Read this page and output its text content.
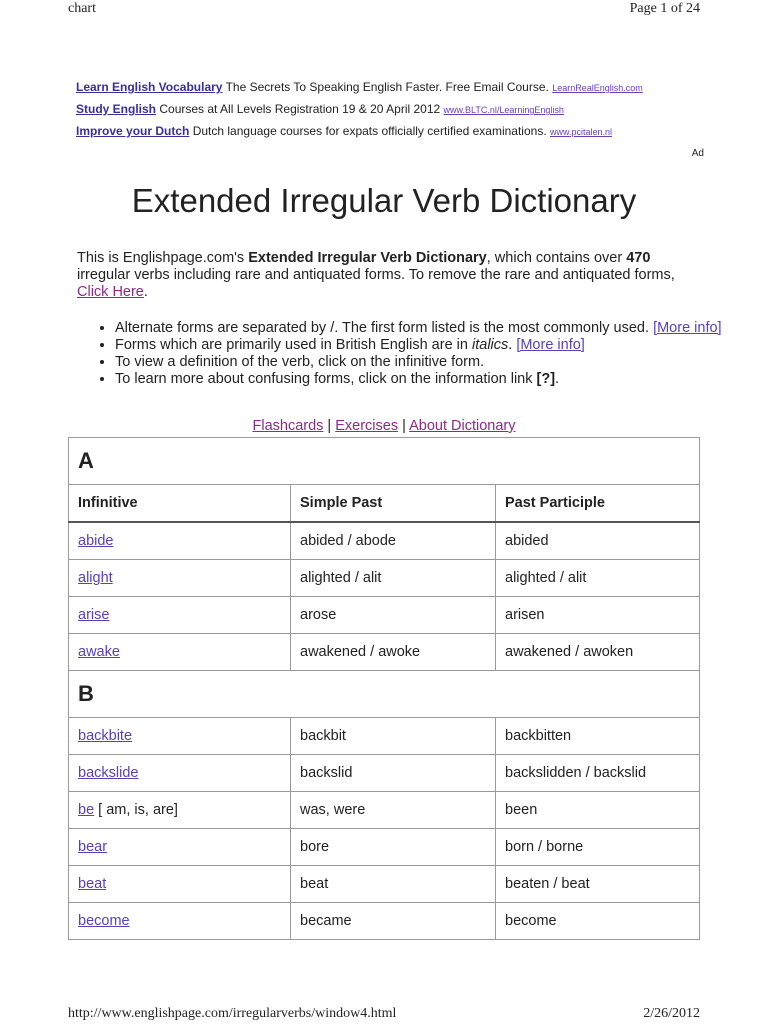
chart	Page 1 of 24
Learn English Vocabulary The Secrets To Speaking English Faster. Free Email Course. LearnRealEnglish.com
Study English Courses at All Levels Registration 19 & 20 April 2012 www.BLTC.nl/LearningEnglish
Improve your Dutch Dutch language courses for expats officially certified examinations. www.pcitalen.nl
Ad
Extended Irregular Verb Dictionary
This is Englishpage.com's Extended Irregular Verb Dictionary, which contains over 470 irregular verbs including rare and antiquated forms. To remove the rare and antiquated forms, Click Here.
• Alternate forms are separated by /. The first form listed is the most commonly used. [More info]
• Forms which are primarily used in British English are in italics. [More info]
• To view a definition of the verb, click on the infinitive form.
• To learn more about confusing forms, click on the information link [?].
Flashcards | Exercises | About Dictionary
A		
Infinitive	Simple Past	Past Participle
abide	abided / abode	abided
alight	alighted / alit	alighted / alit
arise	arose	arisen
awake	awakened / awoke	awakened / awoken
B		
backbite	backbit	backbitten
backslide	backslid	backslidden / backslid
be [ am, is, are]	was, were	been
bear	bore	born / borne
beat	beat	beaten / beat
become	became	become
http://www.englishpage.com/irregularverbs/window4.html	2/26/2012
